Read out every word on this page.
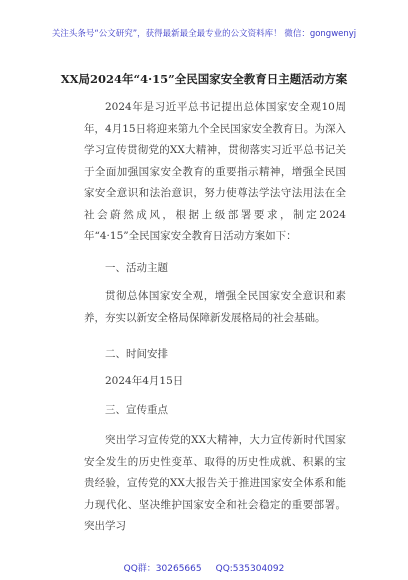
关注头条号“公文研究”，获得最新最全最专业的公文资料库！ 微信：gongwenyj
XX局2024年“4·15”全民国家安全教育日主题活动方案
2024年是习近平总书记提出总体国家安全观10周年，4月15日将迎来第九个全民国家安全教育日。为深入学习宣传贯彻党的XX大精神，贯彻落实习近平总书记关于全面加强国家安全教育的重要指示精神，增强全民国家安全意识和法治意识，努力使尊法学法守法用法在全社会蔚然成风，根据上级部署要求，制定2024年“4·15”全民国家安全教育日活动方案如下：
一、活动主题
贯彻总体国家安全观，增强全民国家安全意识和素养，夯实以新安全格局保障新发展格局的社会基础。
二、时间安排
2024年4月15日
三、宣传重点
突出学习宣传党的XX大精神，大力宣传新时代国家安全发生的历史性变革、取得的历史性成就、积累的宝贵经验，宣传党的XX大报告关于推进国家安全体系和能力现代化、坚决维护国家安全和社会稳定的重要部署。突出学习
QQ群：30265665 QQ:535304092
